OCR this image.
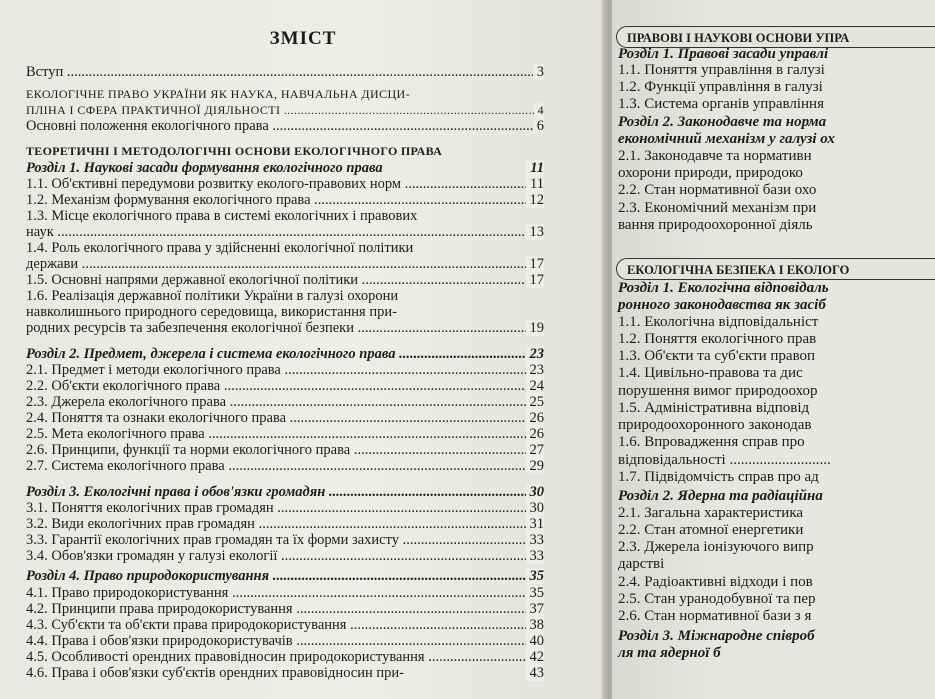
ЗМІСТ
Вступ .....	3
ЕКОЛОГІЧНЕ ПРАВО УКРАЇНИ ЯК НАУКА, НАВЧАЛЬНА ДИСЦИ-
ПЛІНА І СФЕРА ПРАКТИЧНОЇ ДІЯЛЬНОСТІ .....	4
Основні положення екологічного права .....	6
ТЕОРЕТИЧНІ І МЕТОДОЛОГІЧНІ ОСНОВИ ЕКОЛОГІЧНОГО ПРАВА
Розділ 1. Наукові засади формування екологічного права	11
1.1. Об'єктивні передумови розвитку еколого-правових норм .....	11
1.2. Механізм формування екологічного права .....	12
1.3. Місце екологічного права в системі екологічних і правових
наук .....	13
1.4. Роль екологічного права у здійсненні екологічної політики
держави .....	17
1.5. Основні напрями державної екологічної політики .....	17
1.6. Реалізація державної політики України в галузі охорони
навколишнього природного середовища, використання при-
родних ресурсів та забезпечення екологічної безпеки .....	19
Розділ 2. Предмет, джерела і система екологічного права .....	23
2.1. Предмет і методи екологічного права .....	23
2.2. Об'єкти екологічного права .....	24
2.3. Джерела екологічного права .....	25
2.4. Поняття та ознаки екологічного права .....	26
2.5. Мета екологічного права .....	26
2.6. Принципи, функції та норми екологічного права .....	27
2.7. Система екологічного права .....	29
Розділ 3. Екологічні права і обов'язки громадян .....	30
3.1. Поняття екологічних прав громадян .....	30
3.2. Види екологічних прав громадян .....	31
3.3. Гарантії екологічних прав громадян та їх форми захисту .....	33
3.4. Обов'язки громадян у галузі екології .....	33
Розділ 4. Право природокористування .....	35
4.1. Право природокористування .....	35
4.2. Принципи права природокористування .....	37
4.3. Суб'єкти та об'єкти права природокористування .....	38
4.4. Права і обов'язки природокористувачів .....	40
4.5. Особливості орендних правовідносин природокористування .....	42
4.6. Права і обов'язки суб'єктів орендних правовідносин при-	43
ПРАВОВІ І НАУКОВІ ОСНОВИ УПРА
Розділ 1. Правові засади управлі
1.1. Поняття управління в галузі
1.2. Функції управління в галузі
1.3. Система органів управління
Розділ 2. Законодавче та норма
економічний механізм у галузі ох
2.1. Законодавче та нормативн
охорони природи, природоко
2.2. Стан нормативної бази охо
2.3. Економічний механізм при
вання природоохоронної діяль
ЕКОЛОГІЧНА БЕЗПЕКА І ЕКОЛОГО
Розділ 1. Екологічна відповідаль
ронного законодавства як засіб
1.1. Екологічна відповідальніст
1.2. Поняття екологічного прав
1.3. Об'єкти та суб'єкти правоп
1.4. Цивільно-правова та дис
порушення вимог природоохор
1.5. Адміністративна відповід
природоохоронного законодав
1.6. Впровадження справ про
відповідальності ...........................
1.7. Підвідомчість справ про ад
Розділ 2. Ядерна та радіаційна
2.1. Загальна характеристика
2.2. Стан атомної енергетики
2.3. Джерела іонізуючого випр
дарстві
2.4. Радіоактивні відходи і пов
2.5. Стан уранодобувної та пер
2.6. Стан нормативної бази з я
Розділ 3. Міжнародне співроб
ля та ядерної б
